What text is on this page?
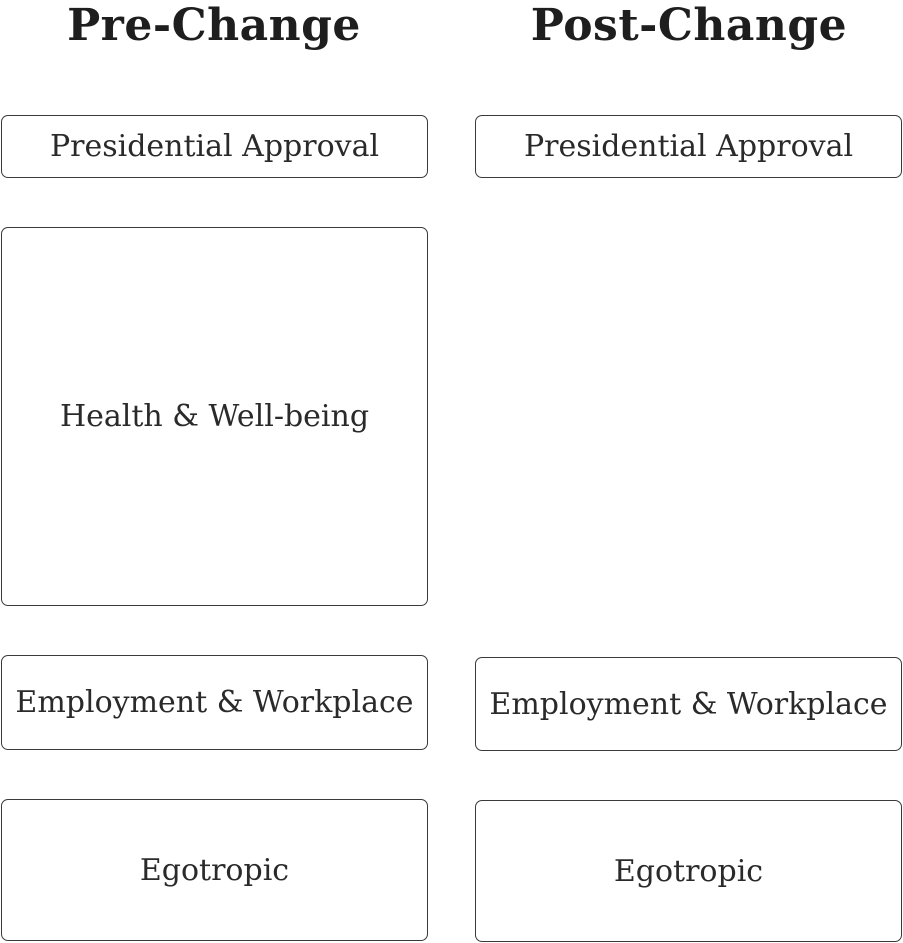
Pre-Change	Post-Change
Presidential Approval	Presidential Approval
Health & Well-being
Employment & Workplace	Employment & Workplace
Egotropic	Egotropic
